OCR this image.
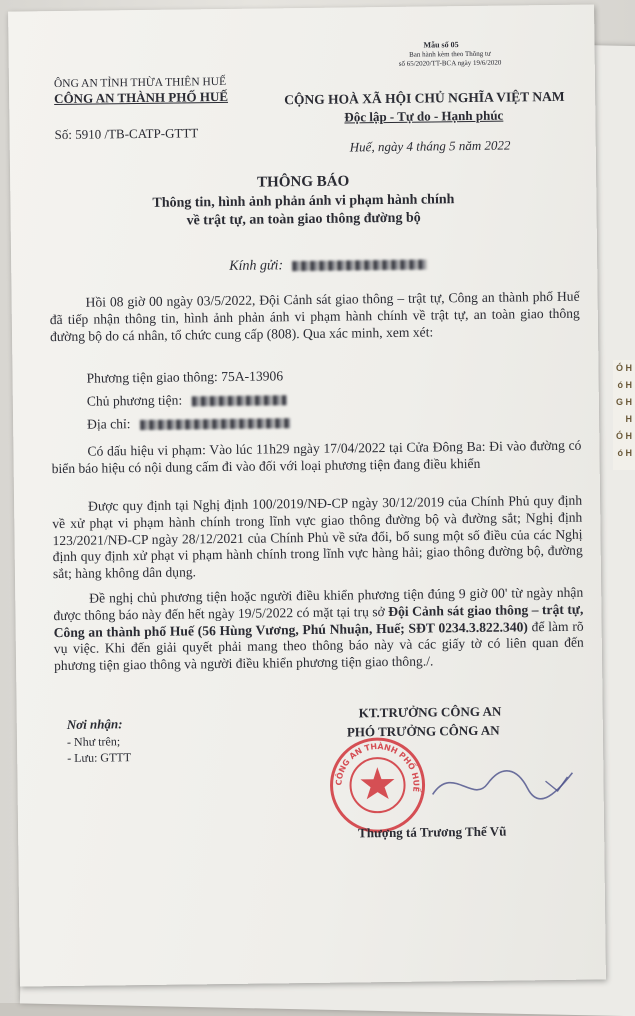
Ó H
ó H
G H
H
Ó H
ó H
Mẫu số 05
Ban hành kèm theo Thông tư
số 65/2020/TT-BCA ngày 19/6/2020
ÔNG AN TỈNH THỪA THIÊN HUẾ
CÔNG AN THÀNH PHỐ HUẾ
Số: 5910 /TB-CATP-GTTT
CỘNG HOÀ XÃ HỘI CHỦ NGHĨA VIỆT NAM
Độc lập - Tự do - Hạnh phúc
Huế, ngày 4 tháng 5 năm 2022
THÔNG BÁO
Thông tin, hình ảnh phản ánh vi phạm hành chính
về trật tự, an toàn giao thông đường bộ
Kính gửi:
Hồi 08 giờ 00 ngày 03/5/2022, Đội Cảnh sát giao thông – trật tự, Công an thành phố Huế đã tiếp nhận thông tin, hình ảnh phản ánh vi phạm hành chính về trật tự, an toàn giao thông đường bộ do cá nhân, tổ chức cung cấp (808). Qua xác minh, xem xét:
Phương tiện giao thông: 75A-13906
Chủ phương tiện:
Địa chỉ:
Có dấu hiệu vi phạm: Vào lúc 11h29 ngày 17/04/2022 tại Cửa Đông Ba: Đi vào đường có biển báo hiệu có nội dung cấm đi vào đối với loại phương tiện đang điều khiển
Được quy định tại Nghị định 100/2019/NĐ-CP ngày 30/12/2019 của Chính Phủ quy định về xử phạt vi phạm hành chính trong lĩnh vực giao thông đường bộ và đường sắt; Nghị định 123/2021/NĐ-CP ngày 28/12/2021 của Chính Phủ về sửa đổi, bổ sung một số điều của các Nghị định quy định xử phạt vi phạm hành chính trong lĩnh vực hàng hải; giao thông đường bộ, đường sắt; hàng không dân dụng.
Đề nghị chủ phương tiện hoặc người điều khiển phương tiện đúng 9 giờ 00' từ ngày nhận được thông báo này đến hết ngày 19/5/2022 có mặt tại trụ sở Đội Cảnh sát giao thông – trật tự, Công an thành phố Huế (56 Hùng Vương, Phú Nhuận, Huế; SĐT 0234.3.822.340) để làm rõ vụ việc. Khi đến giải quyết phải mang theo thông báo này và các giấy tờ có liên quan đến phương tiện giao thông và người điều khiển phương tiện giao thông./.
Nơi nhận:
- Như trên;
- Lưu: GTTT
KT.TRƯỞNG CÔNG AN
PHÓ TRƯỞNG CÔNG AN
CÔNG AN THÀNH PHỐ HUẾ
Thượng tá Trương Thế Vũ
